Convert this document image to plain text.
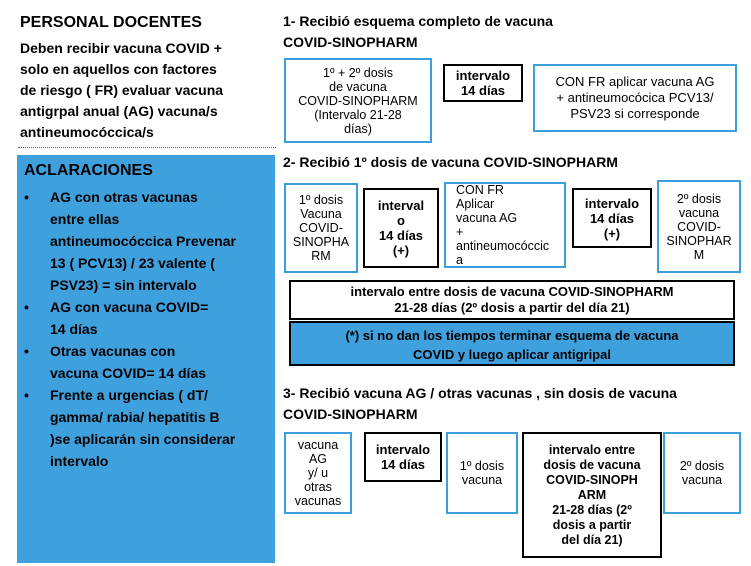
PERSONAL DOCENTES
Deben recibir vacuna COVID +
solo en aquellos con factores
de riesgo ( FR) evaluar vacuna
antigrpal anual (AG) vacuna/s
antineumocóccica/s
ACLARACIONES
•	AG con otras vacunas
entre ellas
antineumocóccica Prevenar
13 ( PCV13) / 23 valente (
PSV23) = sin intervalo
•	AG con vacuna COVID=
14 días
•	Otras vacunas con
vacuna COVID= 14 días
•	Frente a urgencias ( dT/
gamma/ rabia/ hepatitis B
)se aplicarán sin considerar
intervalo
1- Recibió esquema completo de vacuna
COVID-SINOPHARM
1º + 2º dosis
de vacuna
COVID-SINOPHARM
(Intervalo 21-28
días)
intervalo
14 días
CON FR aplicar vacuna AG
+ antineumocócica PCV13/
PSV23 si corresponde
2- Recibió 1º dosis de vacuna COVID-SINOPHARM
1º dosis
Vacuna
COVID-
SINOPHA
RM
interval
o
14 días
(+)
CON FR
Aplicar
vacuna AG
+
antineumocóccic
a
intervalo
14 días
(+)
2º dosis
vacuna
COVID-
SINOPHAR
M
intervalo entre dosis de vacuna COVID-SINOPHARM
21-28 días (2º dosis a partir del día 21)
(*) si no dan los tiempos terminar esquema de vacuna
COVID y luego aplicar antigripal
3- Recibió vacuna AG / otras vacunas , sin dosis de vacuna
COVID-SINOPHARM
vacuna
AG
y/ u
otras
vacunas
intervalo
14 días	1º dosis
vacuna
intervalo entre
dosis de vacuna
COVID-SINOPH
ARM
21-28 días (2º
dosis a partir
del día 21)
2º dosis
vacuna
